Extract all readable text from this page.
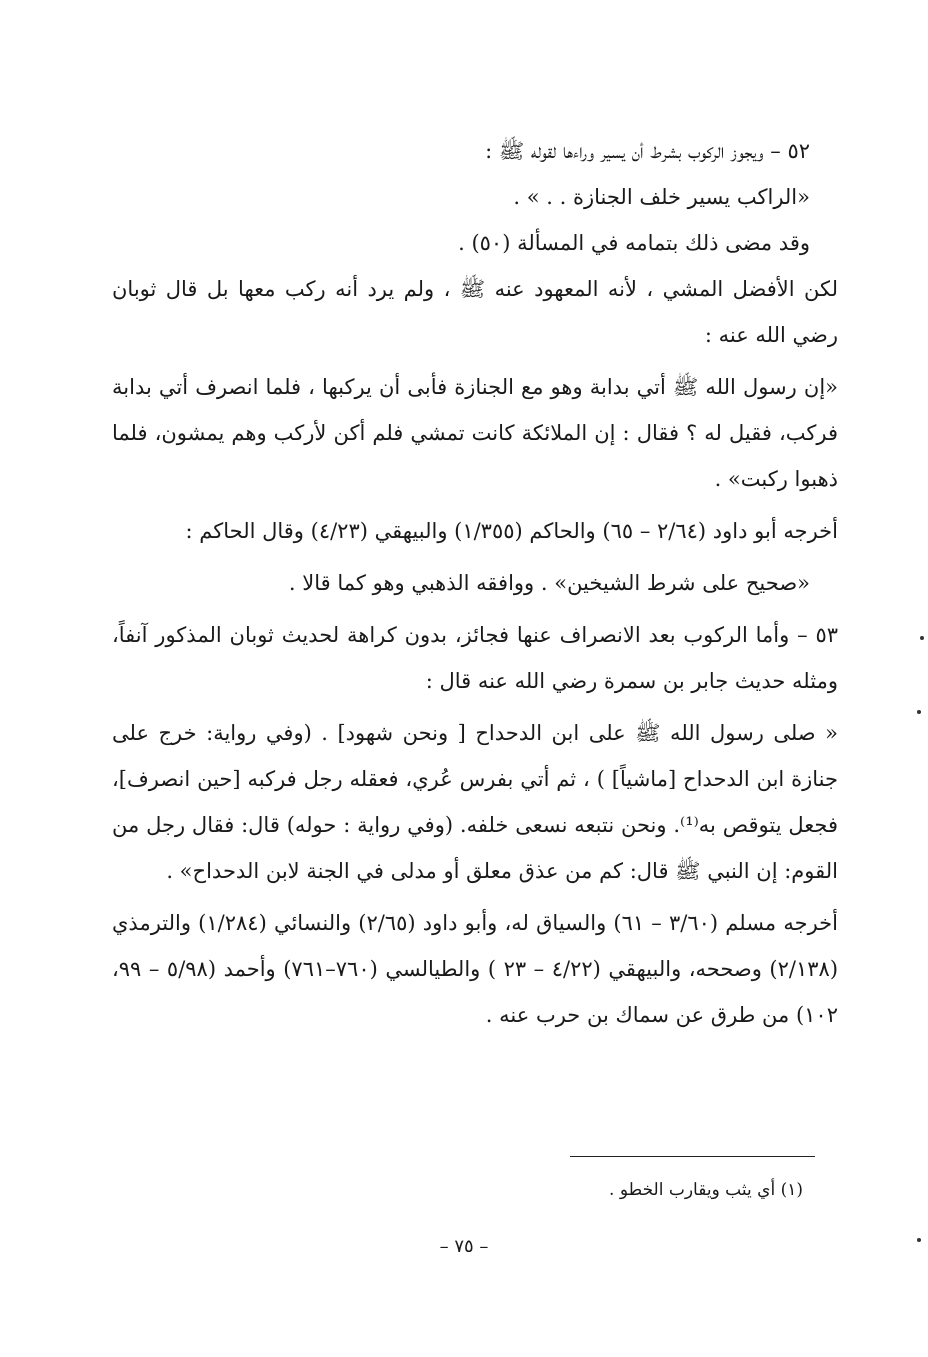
٥٢ – ويجوز الركوب بشرط أن يسير وراءها لقوله ﷺ :

«الراكب يسير خلف الجنازة . . » .

وقد مضى ذلك بتمامه في المسألة (٥٠) .

لكن الأفضل المشي ، لأنه المعهود عنه ﷺ ، ولم يرد أنه ركب معها بل قال ثوبان رضي الله عنه :

«إن رسول الله ﷺ أتي بدابة وهو مع الجنازة فأبى أن يركبها ، فلما انصرف أتي بدابة فركب، فقيل له ؟ فقال : إن الملائكة كانت تمشي فلم أكن لأركب وهم يمشون، فلما ذهبوا ركبت» .

أخرجه أبو داود (٢/٦٤ – ٦٥) والحاكم (١/٣٥٥) والبيهقي (٤/٢٣) وقال الحاكم :

«صحيح على شرط الشيخين» . ووافقه الذهبي وهو كما قالا .

٥٣ – وأما الركوب بعد الانصراف عنها فجائز، بدون كراهة لحديث ثوبان المذكور آنفاً، ومثله حديث جابر بن سمرة رضي الله عنه قال :

« صلى رسول الله ﷺ على ابن الدحداح [ ونحن شهود] . (وفي رواية: خرج على جنازة ابن الدحداح [ماشياً] ) ، ثم أتي بفرس عُري، فعقله رجل فركبه [حين انصرف]، فجعل يتوقص به⁽¹⁾. ونحن نتبعه نسعى خلفه. (وفي رواية : حوله) قال: فقال رجل من القوم: إن النبي ﷺ قال: كم من عذق معلق أو مدلى في الجنة لابن الدحداح» .

أخرجه مسلم (٣/٦٠ – ٦١) والسياق له، وأبو داود (٢/٦٥) والنسائي (١/٢٨٤) والترمذي (٢/١٣٨) وصححه، والبيهقي (٤/٢٢ – ٢٣ ) والطيالسي (٧٦٠–٧٦١) وأحمد (٥/٩٨ – ٩٩، ١٠٢) من طرق عن سماك بن حرب عنه .

(١) أي يثب ويقارب الخطو .
– ٧٥ –
